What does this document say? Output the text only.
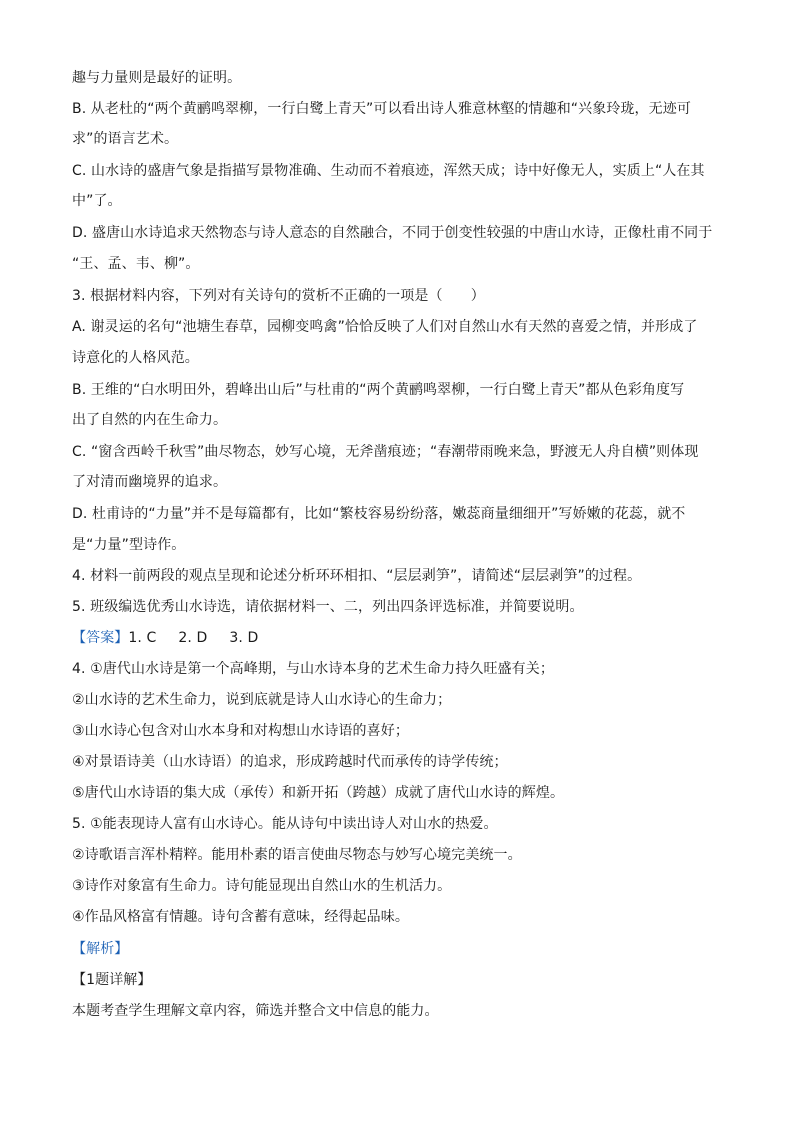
趣与力量则是最好的证明。
B. 从老杜的“两个黄鹂鸣翠柳，一行白鹭上青天”可以看出诗人雅意林壑的情趣和“兴象玲珑，无迹可
求”的语言艺术。
C. 山水诗的盛唐气象是指描写景物准确、生动而不着痕迹，浑然天成；诗中好像无人，实质上“人在其
中”了。
D. 盛唐山水诗追求天然物态与诗人意态的自然融合，不同于创变性较强的中唐山水诗，正像杜甫不同于
“王、孟、韦、柳”。
3. 根据材料内容，下列对有关诗句的赏析不正确的一项是（　　）
A. 谢灵运的名句“池塘生春草，园柳变鸣禽”恰恰反映了人们对自然山水有天然的喜爱之情，并形成了
诗意化的人格风范。
B. 王维的“白水明田外，碧峰出山后”与杜甫的“两个黄鹂鸣翠柳，一行白鹭上青天”都从色彩角度写
出了自然的内在生命力。
C. “窗含西岭千秋雪”曲尽物态，妙写心境，无斧凿痕迹；“春潮带雨晚来急，野渡无人舟自横”则体现
了对清而幽境界的追求。
D. 杜甫诗的“力量”并不是每篇都有，比如“繁枝容易纷纷落，嫩蕊商量细细开”写娇嫩的花蕊，就不
是“力量”型诗作。
4. 材料一前两段的观点呈现和论述分析环环相扣、“层层剥笋”，请简述“层层剥笋”的过程。
5. 班级编选优秀山水诗选，请依据材料一、二，列出四条评选标准，并简要说明。
【答案】1. C 2. D 3. D
4. ①唐代山水诗是第一个高峰期，与山水诗本身的艺术生命力持久旺盛有关；
②山水诗的艺术生命力，说到底就是诗人山水诗心的生命力；
③山水诗心包含对山水本身和对构想山水诗语的喜好；
④对景语诗美（山水诗语）的追求，形成跨越时代而承传的诗学传统；
⑤唐代山水诗语的集大成（承传）和新开拓（跨越）成就了唐代山水诗的辉煌。
5. ①能表现诗人富有山水诗心。能从诗句中读出诗人对山水的热爱。
②诗歌语言浑朴精粹。能用朴素的语言使曲尽物态与妙写心境完美统一。
③诗作对象富有生命力。诗句能显现出自然山水的生机活力。
④作品风格富有情趣。诗句含蓄有意味，经得起品味。
【解析】
【1题详解】
本题考查学生理解文章内容，筛选并整合文中信息的能力。
